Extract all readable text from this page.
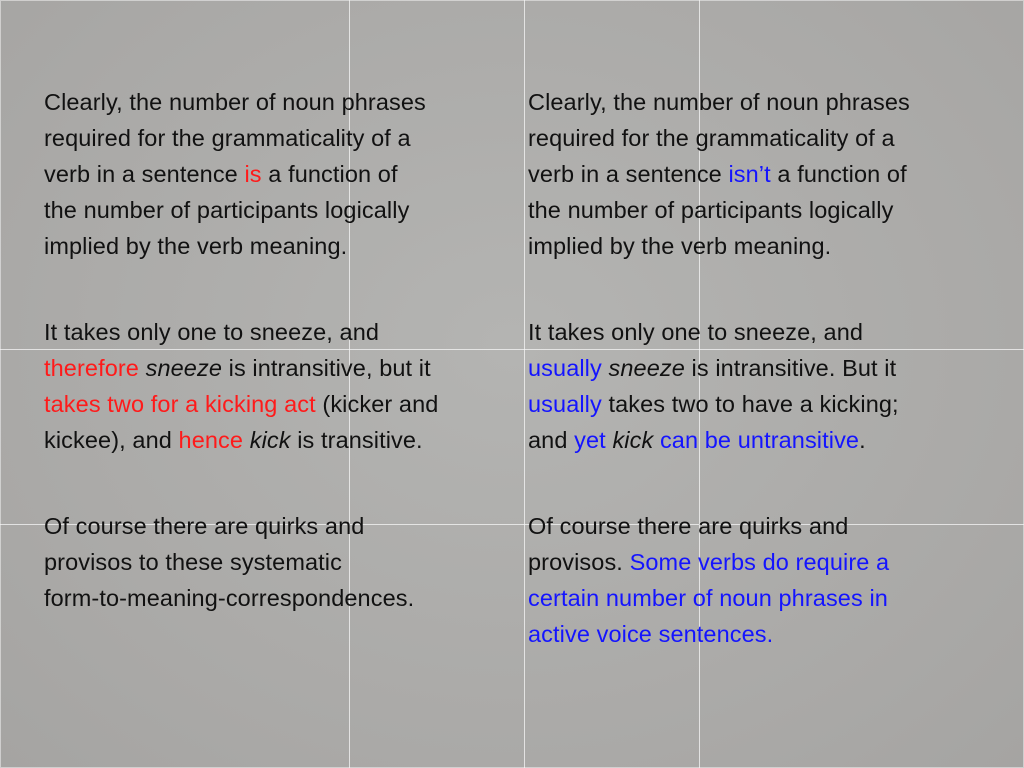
Clearly, the number of noun phrases
required for the grammaticality of a
verb in a sentence is a function of
the number of participants logically
implied by the verb meaning.

It takes only one to sneeze, and
therefore sneeze is intransitive, but it
takes two for a kicking act (kicker and
kickee), and hence kick is transitive.

Of course there are quirks and
provisos to these systematic
form-to-meaning-correspondences.

Clearly, the number of noun phrases
required for the grammaticality of a
verb in a sentence isn’t a function of
the number of participants logically
implied by the verb meaning.

It takes only one to sneeze, and
usually sneeze is intransitive. But it
usually takes two to have a kicking;
and yet kick can be untransitive.

Of course there are quirks and
provisos. Some verbs do require a
certain number of noun phrases in
active voice sentences.
